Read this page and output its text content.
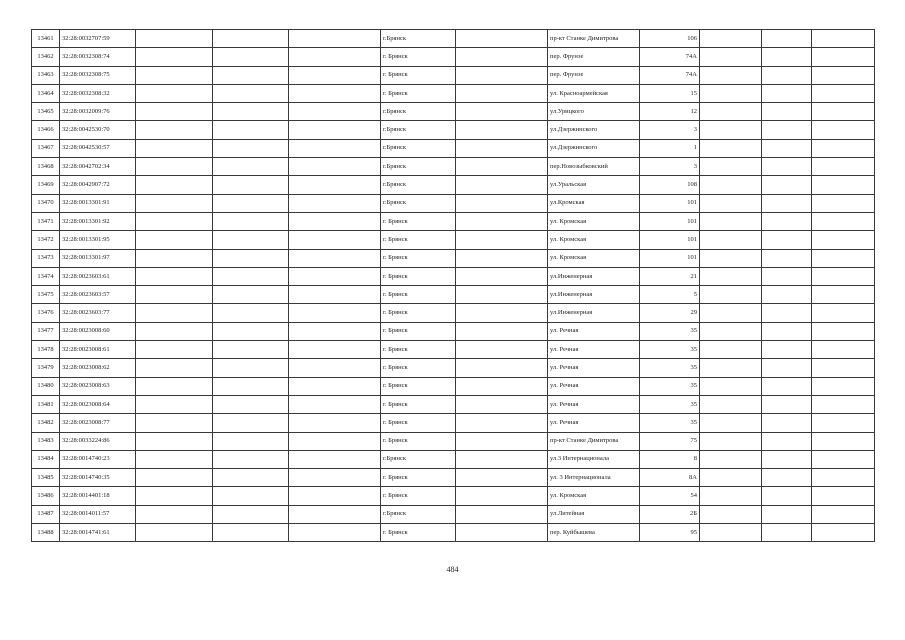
13461	32:28:0032707:59				г.Брянск		пр-кт Станке Димитрова	106			
13462	32:28:0032308:74				г. Брянск		пер. Фрунзе	74А			
13463	32:28:0032308:75				г. Брянск		пер. Фрунзе	74А			
13464	32:28:0032308:32				г. Брянск		ул. Красноармейская	15			
13465	32:28:0032009:76				г.Брянск		ул.Урицкого	12			
13466	32:28:0042530:70				г.Брянск		ул.Дзержинского	3			
13467	32:28:0042530:57				г.Брянск		ул.Дзержинского	1			
13468	32:28:0042702:34				г.Брянск		пер.Новозыбковский	3			
13469	32:28:0042907:72				г.Брянск		ул.Уральская	108			
13470	32:28:0013301:91				г.Брянск		ул.Кромская	101			
13471	32:28:0013301:92				г. Брянск		ул. Кромская	101			
13472	32:28:0013301:95				г. Брянск		ул. Кромская	101			
13473	32:28:0013301:97				г. Брянск		ул. Кромская	101			
13474	32:28:0023603:61				г. Брянск		ул.Инженерная	21			
13475	32:28:0023603:57				г. Брянск		ул.Инженерная	5			
13476	32:28:0023603:77				г. Брянск		ул.Инженерная	29			
13477	32:28:0023008:60				г. Брянск		ул. Речная	35			
13478	32:28:0023008:61				г. Брянск		ул. Речная	35			
13479	32:28:0023008:62				г. Брянск		ул. Речная	35			
13480	32:28:0023008:63				г. Брянск		ул. Речная	35			
13481	32:28:0023008:64				г. Брянск		ул. Речная	35			
13482	32:28:0023008:77				г. Брянск		ул. Речная	35			
13483	32:28:0033224:86				г. Брянск		пр-кт Станке Димитрова	75			
13484	32:28:0014740:23				г.Брянск		ул.3 Интернационала	8			
13485	32:28:0014740:35				г. Брянск		ул. 3 Интернационала	8А			
13486	32:28:0014401:18				г. Брянск		ул. Кромская	54			
13487	32:28:0014011:57				г.Брянск		ул.Литейная	2Б			
13488	32:28:0014741:61				г. Брянск		пер. Куйбышева	95			
484
